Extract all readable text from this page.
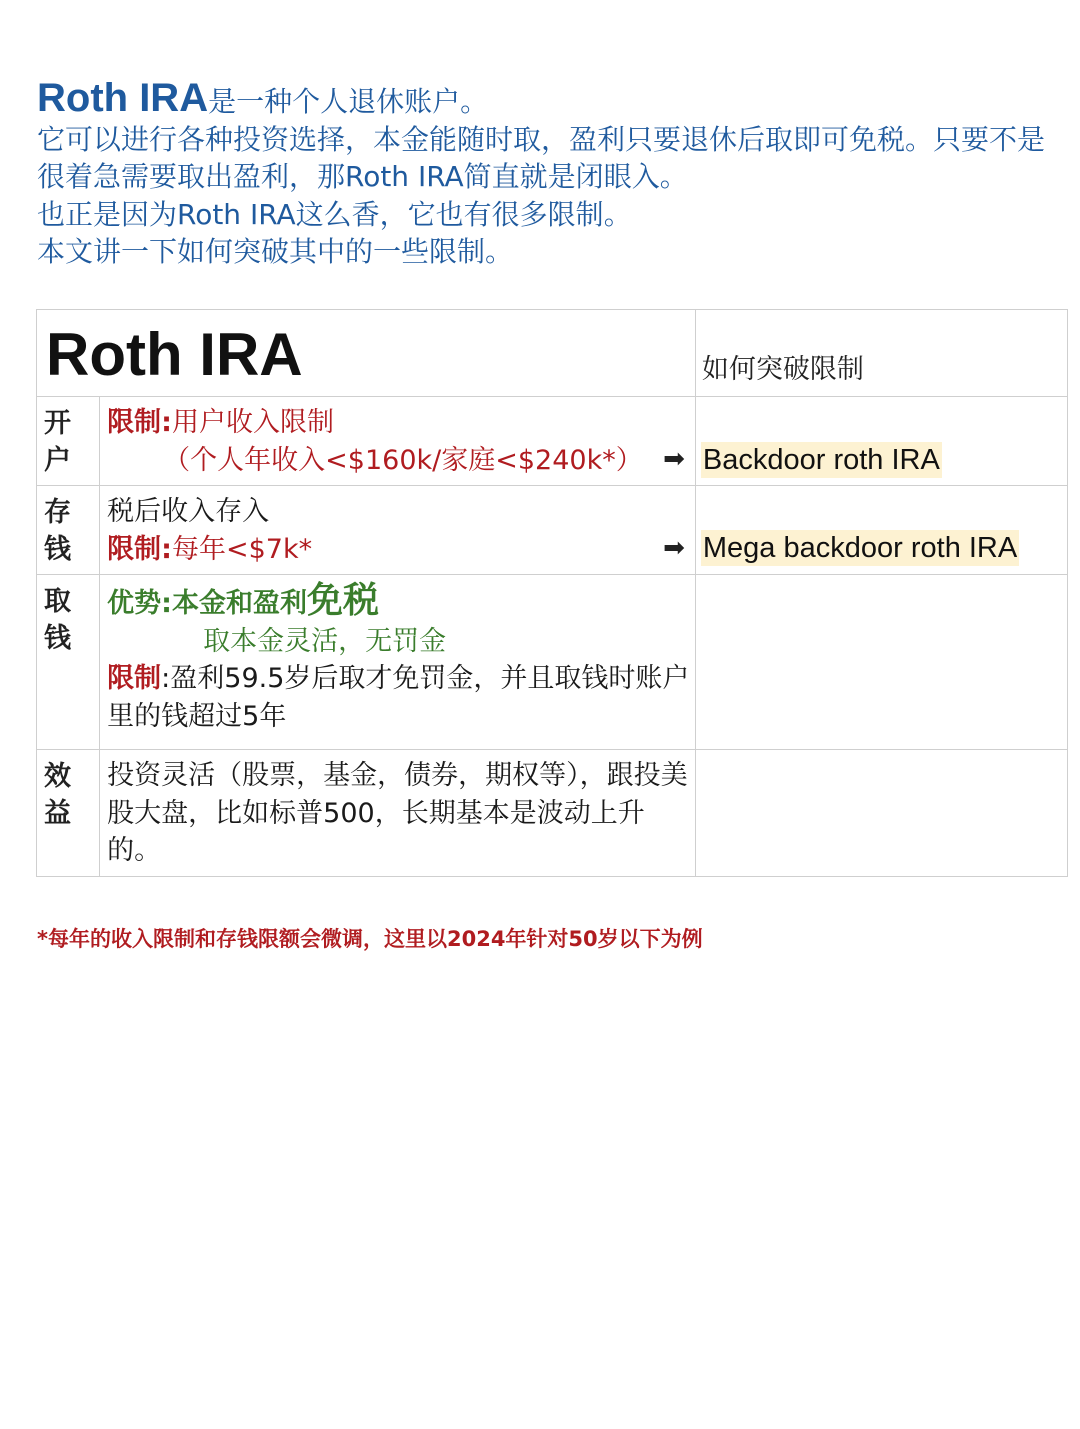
Roth IRA是一种个人退休账户。

它可以进行各种投资选择，本金能随时取，盈利只要退休后取即可免税。只要不是很着急需要取出盈利，那Roth IRA简直就是闭眼入。

也正是因为Roth IRA这么香，它也有很多限制。

本文讲一下如何突破其中的一些限制。

Roth IRA		如何突破限制

开户	限制:用户收入限制
（个人年收入<$160k/家庭<$240k*） ➡	Backdoor roth IRA

存钱	税后收入存入
限制:每年<$7k* ➡	Mega backdoor roth IRA

取钱	优势:本金和盈利免税
取本金灵活，无罚金
限制:盈利59.5岁后取才免罚金，并且取钱时账户里的钱超过5年	

效益	投资灵活（股票，基金，债券，期权等），跟投美股大盘，比如标普500，长期基本是波动上升的。	

*每年的收入限制和存钱限额会微调，这里以2024年针对50岁以下为例
